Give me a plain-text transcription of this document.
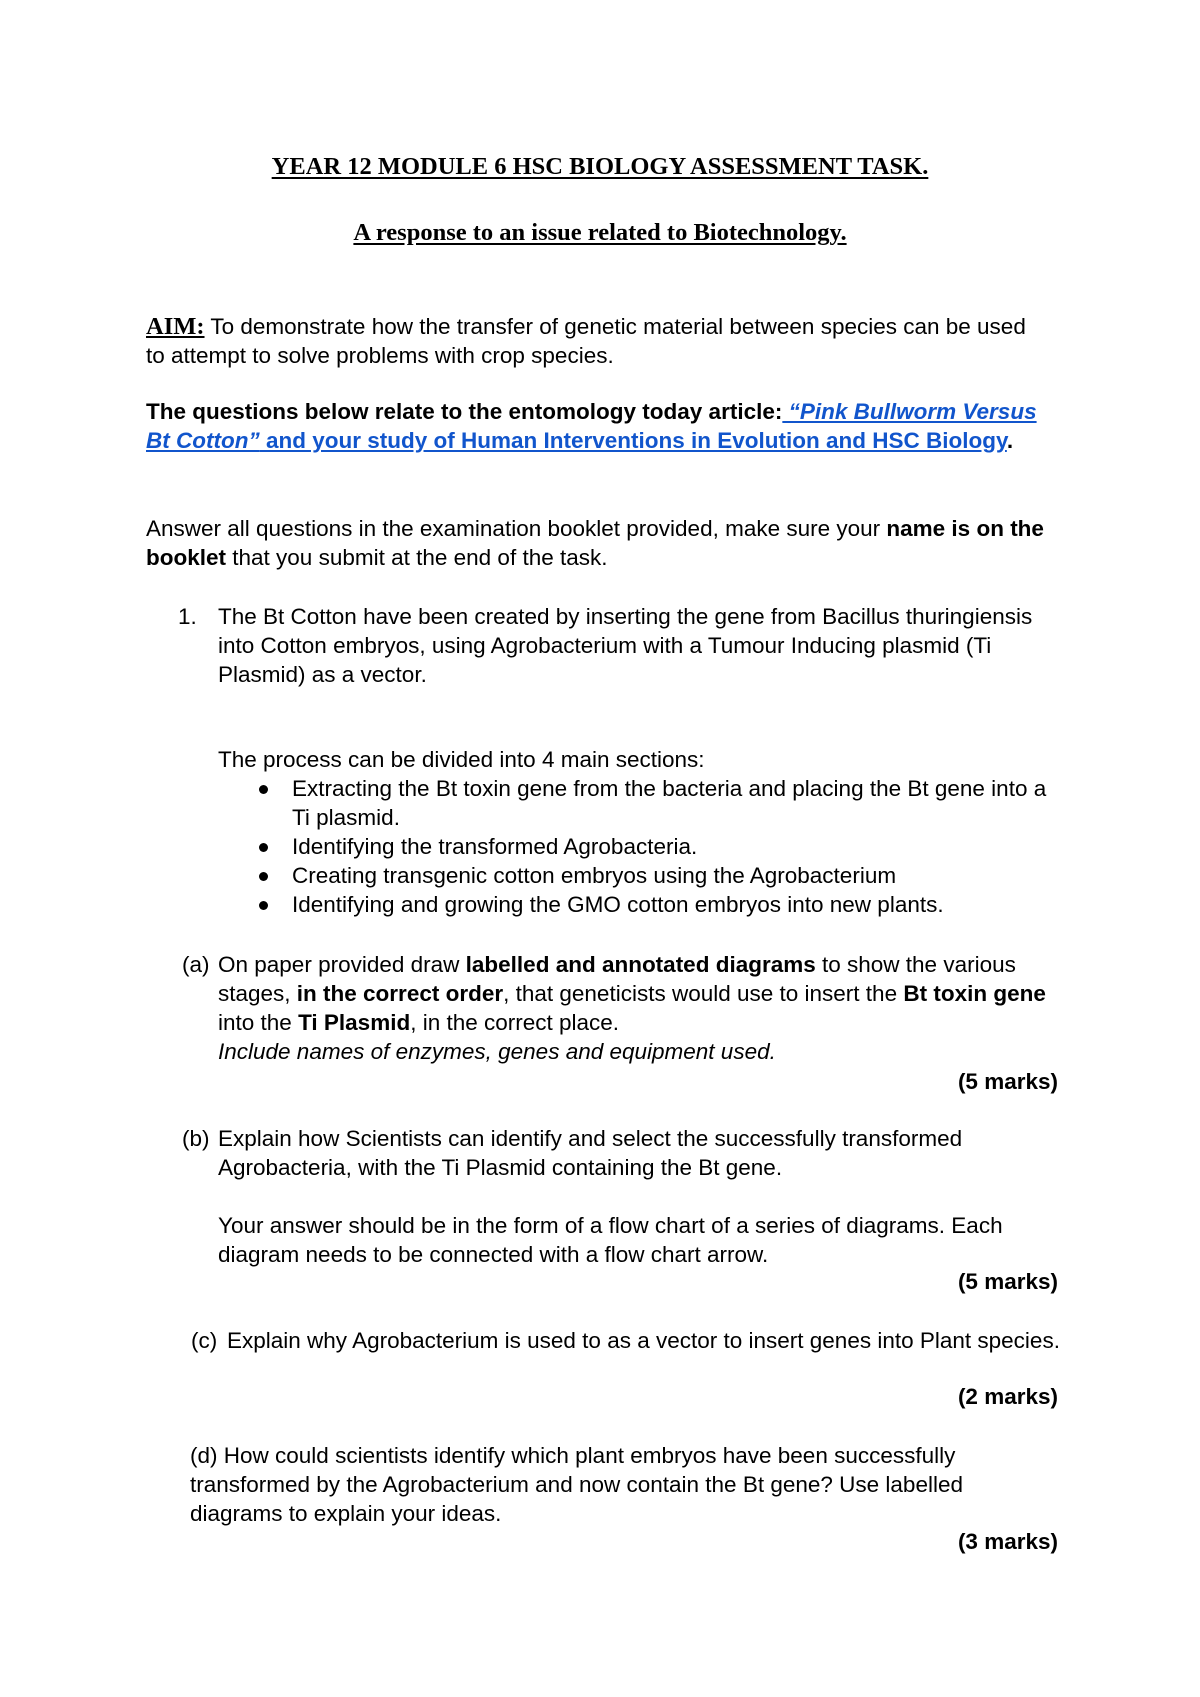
YEAR 12 MODULE 6 HSC BIOLOGY ASSESSMENT TASK.
A response to an issue related to Biotechnology.
AIM: To demonstrate how the transfer of genetic material between species can be used to attempt to solve problems with crop species.
The questions below relate to the entomology today article: “Pink Bullworm Versus Bt Cotton” and your study of Human Interventions in Evolution and HSC Biology.
Answer all questions in the examination booklet provided, make sure your name is on the booklet that you submit at the end of the task.
1. The Bt Cotton have been created by inserting the gene from Bacillus thuringiensis into Cotton embryos, using Agrobacterium with a Tumour Inducing plasmid (Ti Plasmid) as a vector.
The process can be divided into 4 main sections:
Extracting the Bt toxin gene from the bacteria and placing the Bt gene into a Ti plasmid.
Identifying the transformed Agrobacteria.
Creating transgenic cotton embryos using the Agrobacterium
Identifying and growing the GMO cotton embryos into new plants.
(a) On paper provided draw labelled and annotated diagrams to show the various stages, in the correct order, that geneticists would use to insert the Bt toxin gene into the Ti Plasmid, in the correct place.
Include names of enzymes, genes and equipment used.
(5 marks)
(b) Explain how Scientists can identify and select the successfully transformed Agrobacteria, with the Ti Plasmid containing the Bt gene.
Your answer should be in the form of a flow chart of a series of diagrams. Each diagram needs to be connected with a flow chart arrow.
(5 marks)
(c) Explain why Agrobacterium is used to as a vector to insert genes into Plant species.
(2 marks)
(d) How could scientists identify which plant embryos have been successfully transformed by the Agrobacterium and now contain the Bt gene? Use labelled diagrams to explain your ideas.
(3 marks)
